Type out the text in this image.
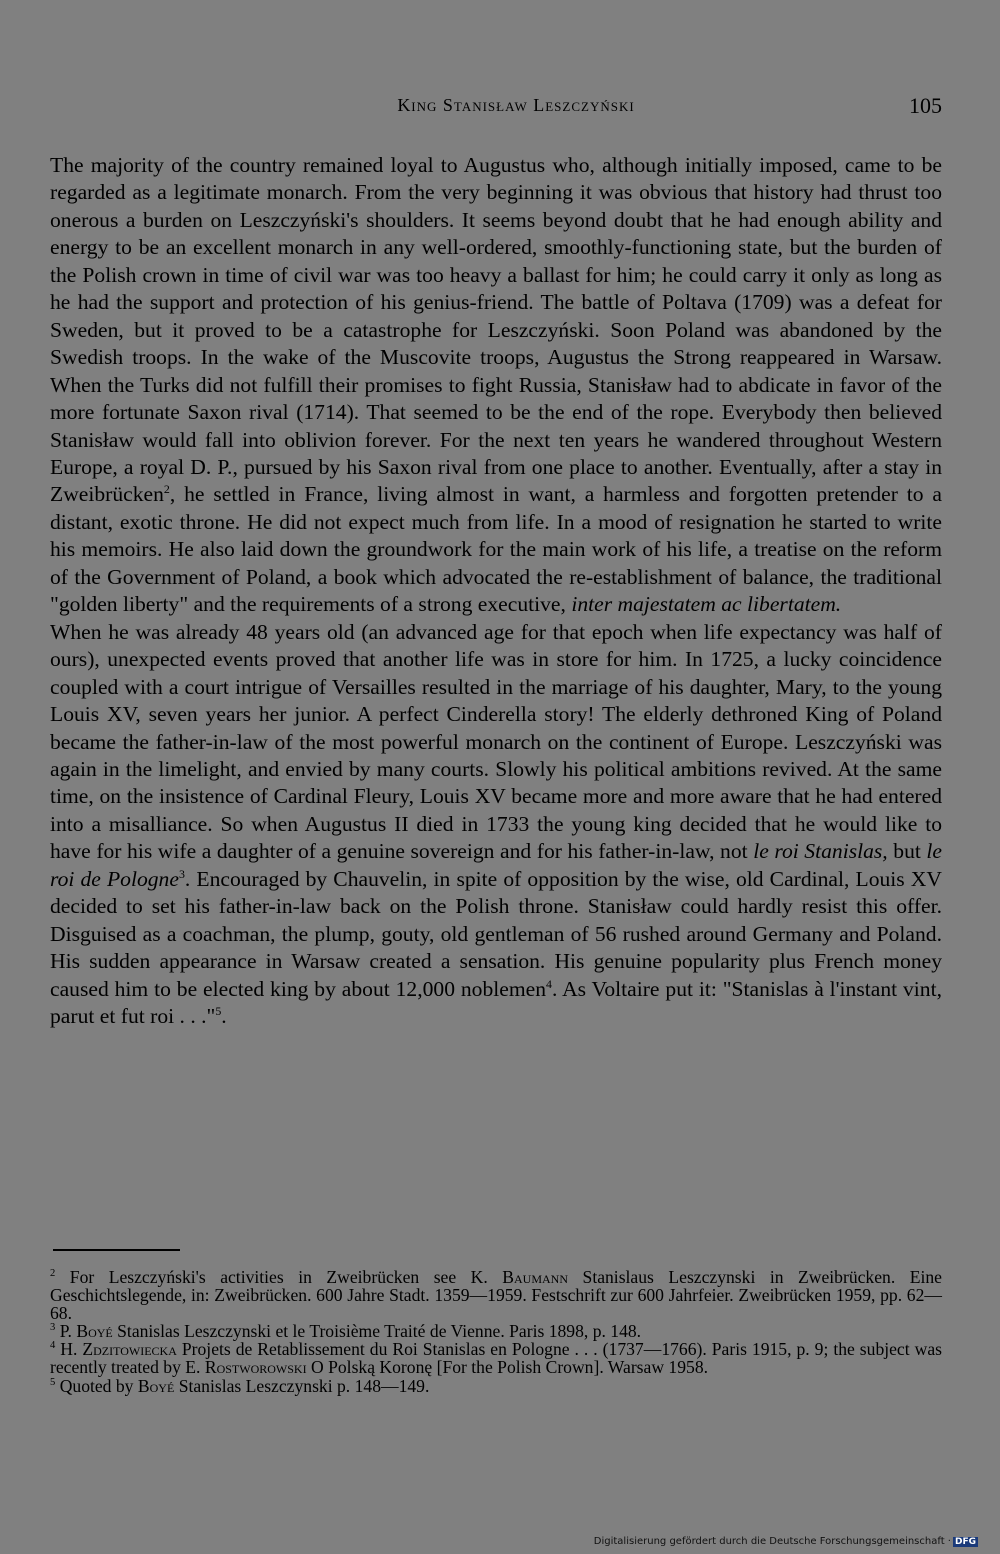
King Stanisław Leszczyński	105

The majority of the country remained loyal to Augustus who, although initially imposed, came to be regarded as a legitimate monarch. From the very beginning it was obvious that history had thrust too onerous a burden on Leszczyński's shoulders. It seems beyond doubt that he had enough ability and energy to be an excellent monarch in any well-ordered, smoothly-functioning state, but the burden of the Polish crown in time of civil war was too heavy a ballast for him; he could carry it only as long as he had the support and protection of his genius-friend. The battle of Poltava (1709) was a defeat for Sweden, but it proved to be a catastrophe for Leszczyński. Soon Poland was abandoned by the Swedish troops. In the wake of the Muscovite troops, Augustus the Strong reappeared in Warsaw. When the Turks did not fulfill their promises to fight Russia, Stanisław had to abdicate in favor of the more fortunate Saxon rival (1714). That seemed to be the end of the rope. Everybody then believed Stanisław would fall into oblivion forever. For the next ten years he wandered throughout Western Europe, a royal D. P., pursued by his Saxon rival from one place to another. Eventually, after a stay in Zweibrücken$^2$, he settled in France, living almost in want, a harmless and forgotten pretender to a distant, exotic throne. He did not expect much from life. In a mood of resignation he started to write his memoirs. He also laid down the groundwork for the main work of his life, a treatise on the reform of the Government of Poland, a book which advocated the re-establishment of balance, the traditional "golden liberty" and the requirements of a strong executive, inter majestatem ac libertatem.

When he was already 48 years old (an advanced age for that epoch when life expectancy was half of ours), unexpected events proved that another life was in store for him. In 1725, a lucky coincidence coupled with a court intrigue of Versailles resulted in the marriage of his daughter, Mary, to the young Louis XV, seven years her junior. A perfect Cinderella story! The elderly dethroned King of Poland became the father-in-law of the most powerful monarch on the continent of Europe. Leszczyński was again in the limelight, and envied by many courts. Slowly his political ambitions revived. At the same time, on the insistence of Cardinal Fleury, Louis XV became more and more aware that he had entered into a misalliance. So when Augustus II died in 1733 the young king decided that he would like to have for his wife a daughter of a genuine sovereign and for his father-in-law, not le roi Stanislas, but le roi de Pologne$^3$. Encouraged by Chauvelin, in spite of opposition by the wise, old Cardinal, Louis XV decided to set his father-in-law back on the Polish throne. Stanisław could hardly resist this offer. Disguised as a coachman, the plump, gouty, old gentleman of 56 rushed around Germany and Poland. His sudden appearance in Warsaw created a sensation. His genuine popularity plus French money caused him to be elected king by about 12,000 noblemen$^4$. As Voltaire put it: "Stanislas à l'instant vint, parut et fut roi . . ."$^5$.

$^2$ For Leszczyński's activities in Zweibrücken see K. Baumann Stanislaus Leszczynski in Zweibrücken. Eine Geschichtslegende, in: Zweibrücken. 600 Jahre Stadt. 1359—1959. Festschrift zur 600 Jahrfeier. Zweibrücken 1959, pp. 62—68.

$^3$ P. Boyé Stanislas Leszczynski et le Troisième Traité de Vienne. Paris 1898, p. 148.

$^4$ H. Zdzitowiecka Projets de Retablissement du Roi Stanislas en Pologne . . . (1737—1766). Paris 1915, p. 9; the subject was recently treated by E. Rostworowski O Polską Koronę [For the Polish Crown]. Warsaw 1958.

$^5$ Quoted by Boyé Stanislas Leszczynski p. 148—149.

Digitalisierung gefördert durch die Deutsche Forschungsgemeinschaft · DFG
